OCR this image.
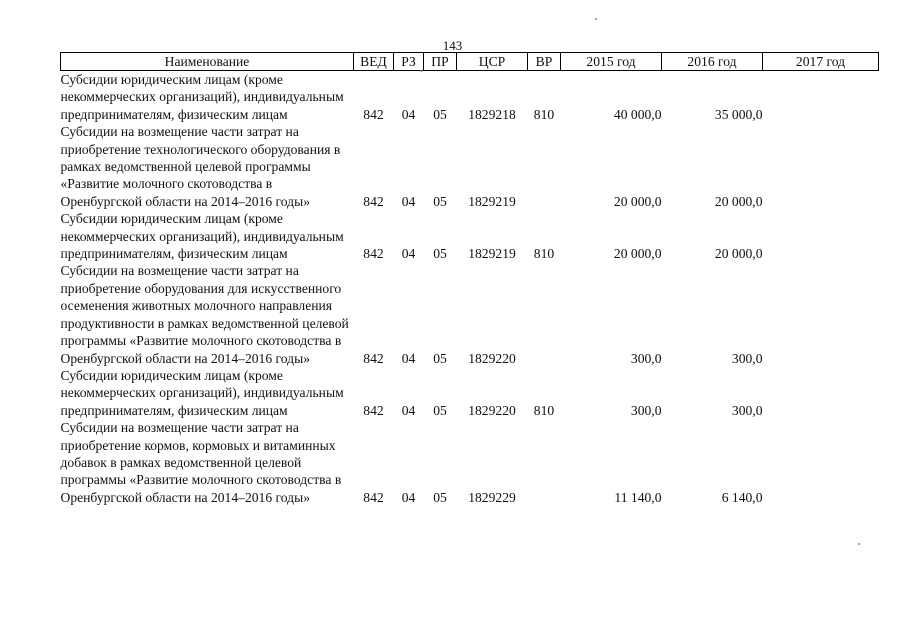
143
Наименование	ВЕД	РЗ	ПР	ЦСР	ВР	2015 год	2016 год	2017 год
Субсидии юридическим лицам (кроме некоммерческих организаций), индивидуальным предпринимателям, физическим лицам	842	04	05	1829218	810	40 000,0	35 000,0	
Субсидии на возмещение части затрат на приобретение технологического оборудования в рамках ведомственной целевой программы «Развитие молочного скотоводства в Оренбургской области на 2014–2016 годы»	842	04	05	1829219		20 000,0	20 000,0	
Субсидии юридическим лицам (кроме некоммерческих организаций), индивидуальным предпринимателям, физическим лицам	842	04	05	1829219	810	20 000,0	20 000,0	
Субсидии на возмещение части затрат на приобретение оборудования для искусственного осеменения животных молочного направления продуктивности в рамках ведомственной целевой программы «Развитие молочного скотоводства в Оренбургской области на 2014–2016 годы»	842	04	05	1829220		300,0	300,0	
Субсидии юридическим лицам (кроме некоммерческих организаций), индивидуальным предпринимателям, физическим лицам	842	04	05	1829220	810	300,0	300,0	
Субсидии на возмещение части затрат на приобретение кормов, кормовых и витаминных добавок в рамках ведомственной целевой программы «Развитие молочного скотоводства в Оренбургской области на 2014–2016 годы»	842	04	05	1829229		11 140,0	6 140,0	
